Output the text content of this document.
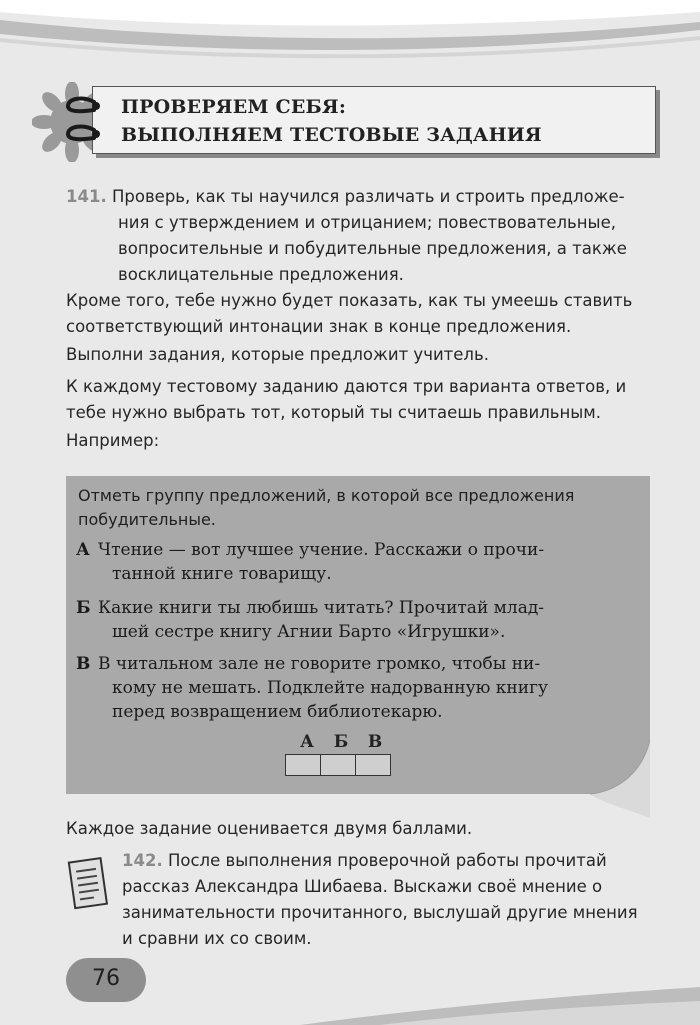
ПРОВЕРЯЕМ СЕБЯ:
ВЫПОЛНЯЕМ ТЕСТОВЫЕ ЗАДАНИЯ
141. Проверь, как ты научился различать и строить предложе-
ния с утверждением и отрицанием; повествовательные,
вопросительные и побудительные предложения, а также
восклицательные предложения.

Кроме того, тебе нужно будет показать, как ты умеешь ставить соответствующий интонации знак в конце предложения.

Выполни задания, которые предложит учитель.

К каждому тестовому заданию даются три варианта ответов, и тебе нужно выбрать тот, который ты считаешь правильным.

Например:

Отметь группу предложений, в которой все предложения побудительные.

А Чтение — вот лучшее учение. Расскажи о прочи-
танной книге товарищу.
Б Какие книги ты любишь читать? Прочитай млад-
шей сестре книгу Агнии Барто «Игрушки».
В В читальном зале не говорите громко, чтобы ни-
кому не мешать. Подклейте надорванную книгу
перед возвращением библиотекарю.
А Б В

Каждое задание оценивается двумя баллами.

142. После выполнения проверочной работы прочитай рассказ Александра Шибаева. Выскажи своё мнение о занимательности прочитанного, выслушай другие мнения и сравни их со своим.

76
